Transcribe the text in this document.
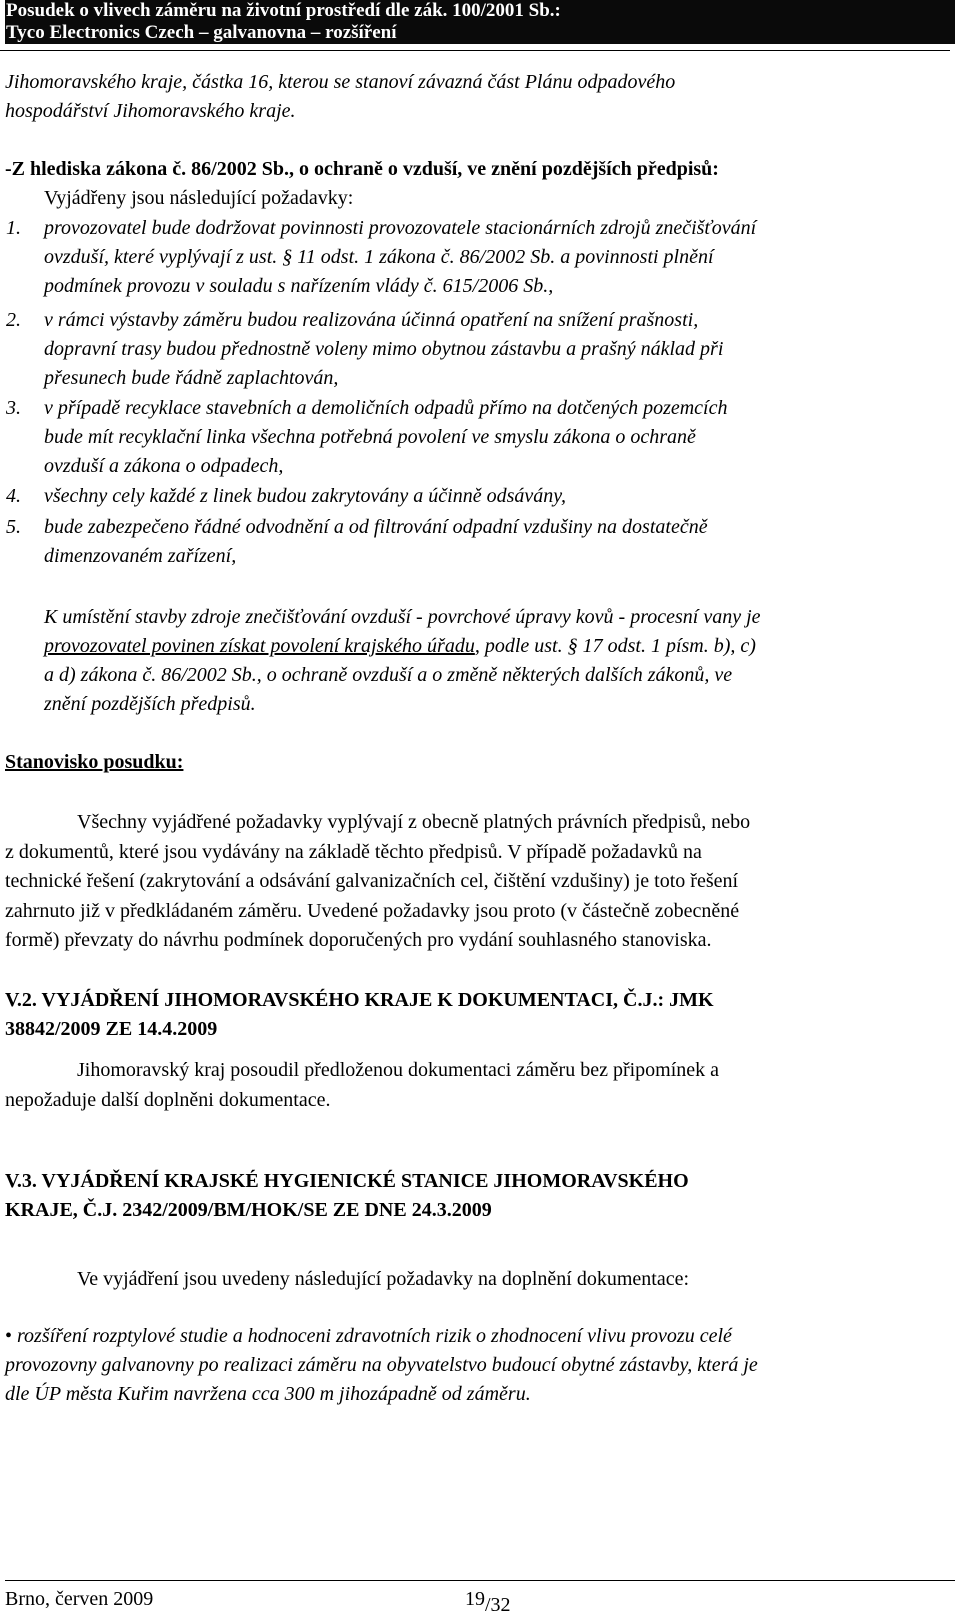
Posudek o vlivech záměru na životní prostředí dle zák. 100/2001 Sb.:
Tyco Electronics Czech – galvanovna – rozšíření
Jihomoravského kraje, částka 16, kterou se stanoví závazná část Plánu odpadového
hospodářství Jihomoravského kraje.
-Z hlediska zákona č. 86/2002 Sb., o ochraně o vzduší, ve znění pozdějších předpisů:
Vyjádřeny jsou následující požadavky:
1. provozovatel bude dodržovat povinnosti provozovatele stacionárních zdrojů znečišťování
ovzduší, které vyplývají z ust. § 11 odst. 1 zákona č. 86/2002 Sb. a povinnosti plnění
podmínek provozu v souladu s nařízením vlády č. 615/2006 Sb.,
2. v rámci výstavby záměru budou realizována účinná opatření na snížení prašnosti,
dopravní trasy budou přednostně voleny mimo obytnou zástavbu a prašný náklad při
přesunech bude řádně zaplachtován,
3. v případě recyklace stavebních a demoličních odpadů přímo na dotčených pozemcích
bude mít recyklační linka všechna potřebná povolení ve smyslu zákona o ochraně
ovzduší a zákona o odpadech,
4. všechny cely každé z linek budou zakrytovány a účinně odsávány,
5. bude zabezpečeno řádné odvodnění a od filtrování odpadní vzdušiny na dostatečně
dimenzovaném zařízení,
K umístění stavby zdroje znečišťování ovzduší - povrchové úpravy kovů - procesní vany je
provozovatel povinen získat povolení krajského úřadu, podle ust. § 17 odst. 1 písm. b), c)
a d) zákona č. 86/2002 Sb., o ochraně ovzduší a o změně některých dalších zákonů, ve
znění pozdějších předpisů.
Stanovisko posudku:
Všechny vyjádřené požadavky vyplývají z obecně platných právních předpisů, nebo
z dokumentů, které jsou vydávány na základě těchto předpisů. V případě požadavků na
technické řešení (zakrytování a odsávání galvanizačních cel, čištění vzdušiny) je toto řešení
zahrnuto již v předkládaném záměru. Uvedené požadavky jsou proto (v částečně zobecněné
formě) převzaty do návrhu podmínek doporučených pro vydání souhlasného stanoviska.
V.2. VYJÁDŘENÍ JIHOMORAVSKÉHO KRAJE K DOKUMENTACI, Č.J.: JMK
38842/2009 ZE 14.4.2009
Jihomoravský kraj posoudil předloženou dokumentaci záměru bez připomínek a
nepožaduje další doplněni dokumentace.
V.3. VYJÁDŘENÍ KRAJSKÉ HYGIENICKÉ STANICE JIHOMORAVSKÉHO
KRAJE, Č.J. 2342/2009/BM/HOK/SE ZE DNE 24.3.2009
Ve vyjádření jsou uvedeny následující požadavky na doplnění dokumentace:
• rozšíření rozptylové studie a hodnoceni zdravotních rizik o zhodnocení vlivu provozu celé
provozovny galvanovny po realizaci záměru na obyvatelstvo budoucí obytné zástavby, která je
dle ÚP města Kuřim navržena cca 300 m jihozápadně od záměru.
Brno, červen 2009	19/32
